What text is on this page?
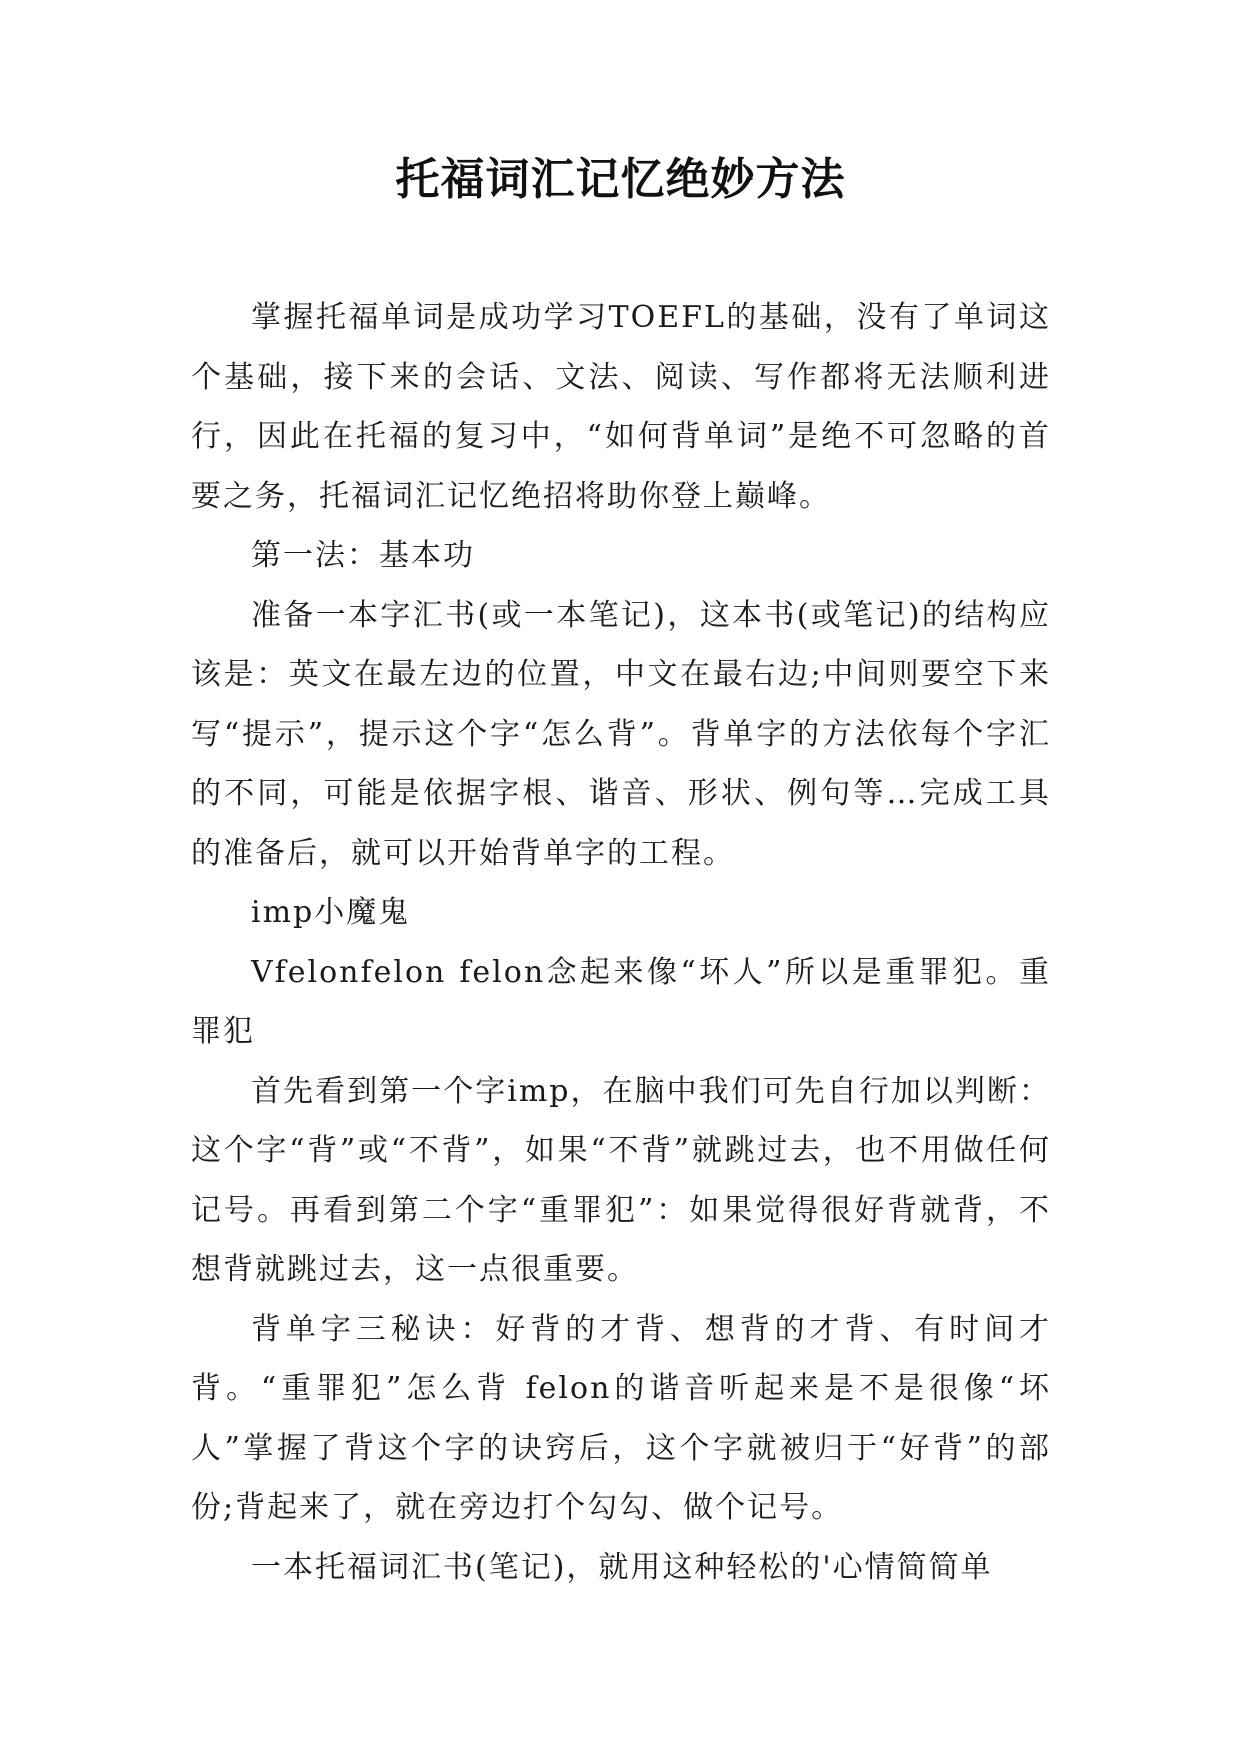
托福词汇记忆绝妙方法

掌握托福单词是成功学习TOEFL的基础，没有了单词这个基础，接下来的会话、文法、阅读、写作都将无法顺利进行，因此在托福的复习中，“如何背单词”是绝不可忽略的首要之务，托福词汇记忆绝招将助你登上巅峰。

第一法：基本功

准备一本字汇书(或一本笔记)，这本书(或笔记)的结构应该是：英文在最左边的位置，中文在最右边;中间则要空下来写“提示”，提示这个字“怎么背”。背单字的方法依每个字汇的不同，可能是依据字根、谐音、形状、例句等…完成工具的准备后，就可以开始背单字的工程。

imp小魔鬼

Vfelonfelon felon念起来像“坏人”所以是重罪犯。重罪犯

首先看到第一个字imp，在脑中我们可先自行加以判断：这个字“背”或“不背”，如果“不背”就跳过去，也不用做任何记号。再看到第二个字“重罪犯”：如果觉得很好背就背，不想背就跳过去，这一点很重要。

背单字三秘诀：好背的才背、想背的才背、有时间才背。“重罪犯”怎么背 felon的谐音听起来是不是很像“坏人”掌握了背这个字的诀窍后，这个字就被归于“好背”的部份;背起来了，就在旁边打个勾勾、做个记号。

一本托福词汇书(笔记)，就用这种轻松的'心情简简单
